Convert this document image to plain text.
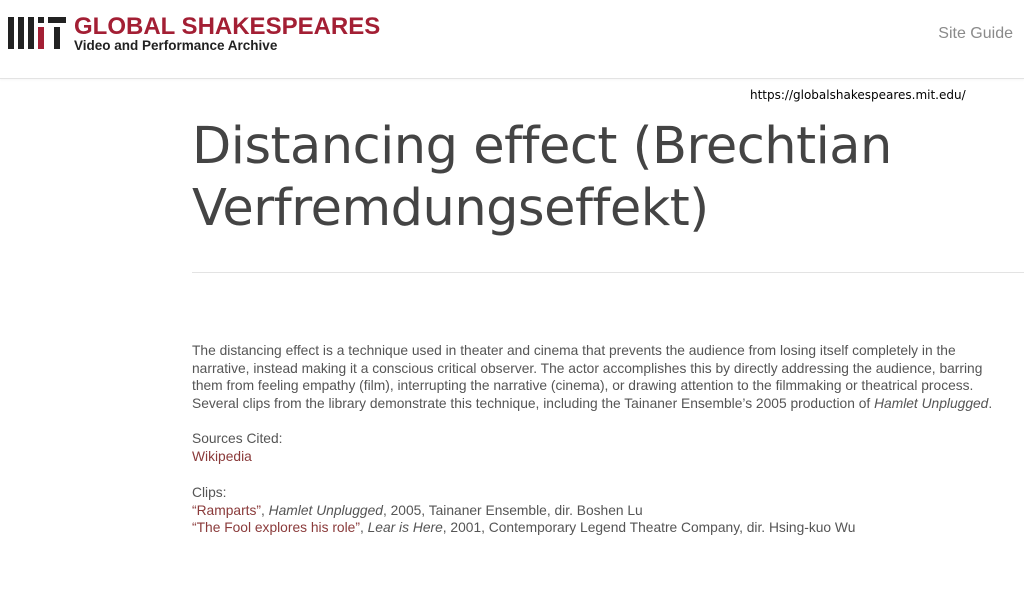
GLOBAL SHAKESPEARES
Video and Performance Archive
Site Guide
https://globalshakespeares.mit.edu/
Distancing effect (Brechtian Verfremdungseffekt)

The distancing effect is a technique used in theater and cinema that prevents the audience from losing itself completely in the narrative, instead making it a conscious critical observer. The actor accomplishes this by directly addressing the audience, barring them from feeling empathy (film), interrupting the narrative (cinema), or drawing attention to the filmmaking or theatrical process. Several clips from the library demonstrate this technique, including the Tainaner Ensemble’s 2005 production of Hamlet Unplugged.

Sources Cited:

Wikipedia

Clips:

“Ramparts”, Hamlet Unplugged, 2005, Tainaner Ensemble, dir. Boshen Lu

“The Fool explores his role”, Lear is Here, 2001, Contemporary Legend Theatre Company, dir. Hsing-kuo Wu
